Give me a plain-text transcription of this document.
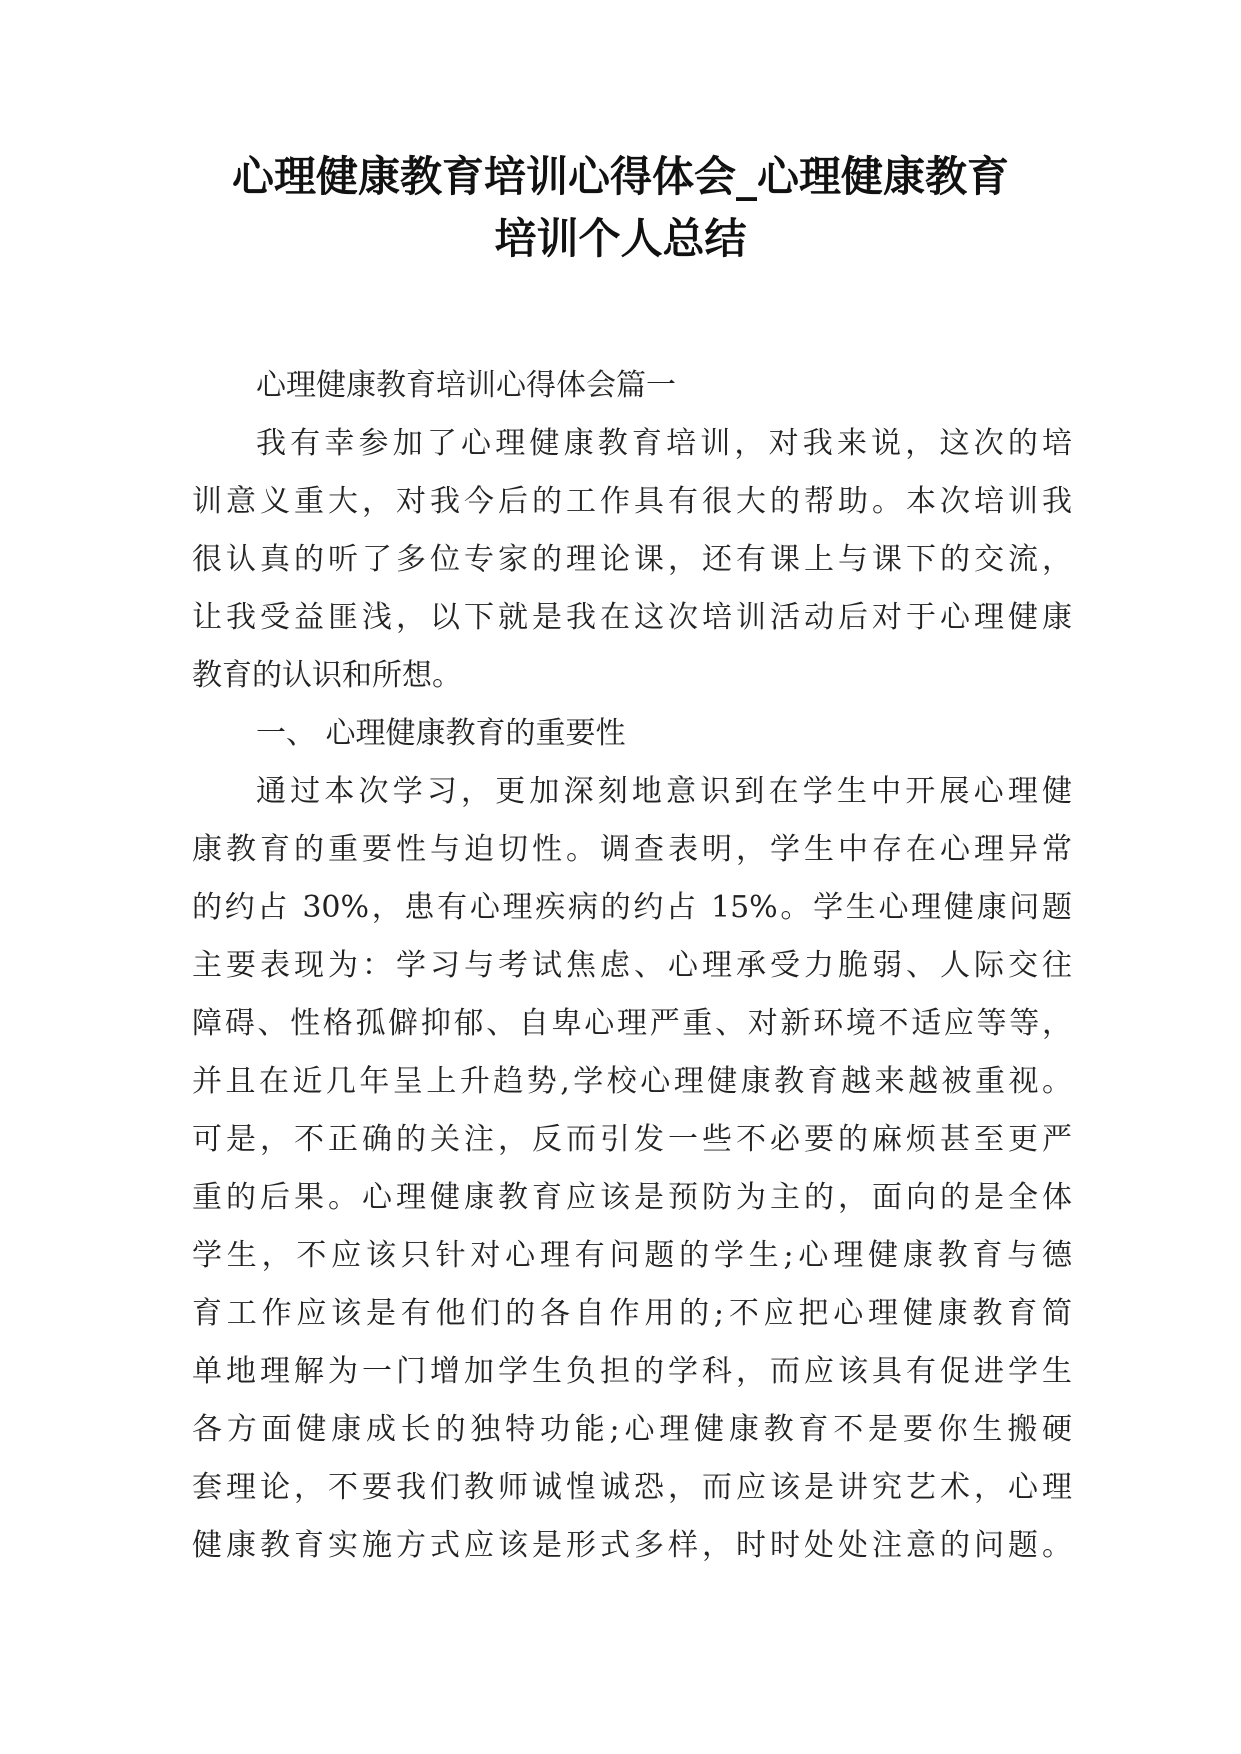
心理健康教育培训心得体会_心理健康教育
培训个人总结
心理健康教育培训心得体会篇一
我有幸参加了心理健康教育培训，对我来说，这次的培
训意义重大，对我今后的工作具有很大的帮助。本次培训我
很认真的听了多位专家的理论课，还有课上与课下的交流，
让我受益匪浅，以下就是我在这次培训活动后对于心理健康
教育的认识和所想。
一、 心理健康教育的重要性
通过本次学习，更加深刻地意识到在学生中开展心理健
康教育的重要性与迫切性。调查表明，学生中存在心理异常
的约占 30%，患有心理疾病的约占 15%。学生心理健康问题
主要表现为：学习与考试焦虑、心理承受力脆弱、人际交往
障碍、性格孤僻抑郁、自卑心理严重、对新环境不适应等等，
并且在近几年呈上升趋势,学校心理健康教育越来越被重视。
可是，不正确的关注，反而引发一些不必要的麻烦甚至更严
重的后果。心理健康教育应该是预防为主的，面向的是全体
学生，不应该只针对心理有问题的学生;心理健康教育与德
育工作应该是有他们的各自作用的;不应把心理健康教育简
单地理解为一门增加学生负担的学科，而应该具有促进学生
各方面健康成长的独特功能;心理健康教育不是要你生搬硬
套理论，不要我们教师诚惶诚恐，而应该是讲究艺术，心理
健康教育实施方式应该是形式多样，时时处处注意的问题。
